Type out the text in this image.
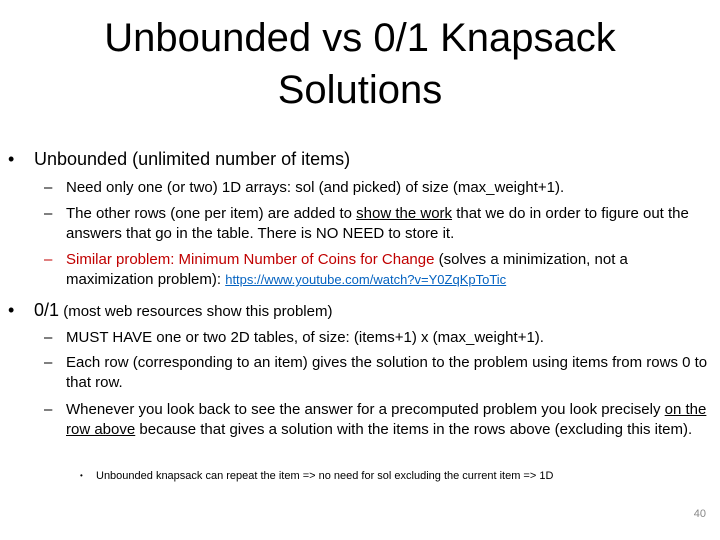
Unbounded vs 0/1 Knapsack
Solutions
• Unbounded (unlimited number of items)
– Need only one (or two) 1D arrays: sol (and picked) of size (max_weight+1).
– The other rows (one per item) are added to show the work that we do in order to figure out the answers that go in the table. There is NO NEED to store it.
– Similar problem: Minimum Number of Coins for Change (solves a minimization, not a maximization problem): https://www.youtube.com/watch?v=Y0ZqKpToTic
• 0/1 (most web resources show this problem)
– MUST HAVE one or two 2D tables, of size: (items+1) x (max_weight+1).
– Each row (corresponding to an item) gives the solution to the problem using items from rows 0 to that row.
– Whenever you look back to see the answer for a precomputed problem you look precisely on the row above because that gives a solution with the items in the rows above (excluding this item).
• Unbounded knapsack can repeat the item => no need for sol excluding the current item => 1D
40
